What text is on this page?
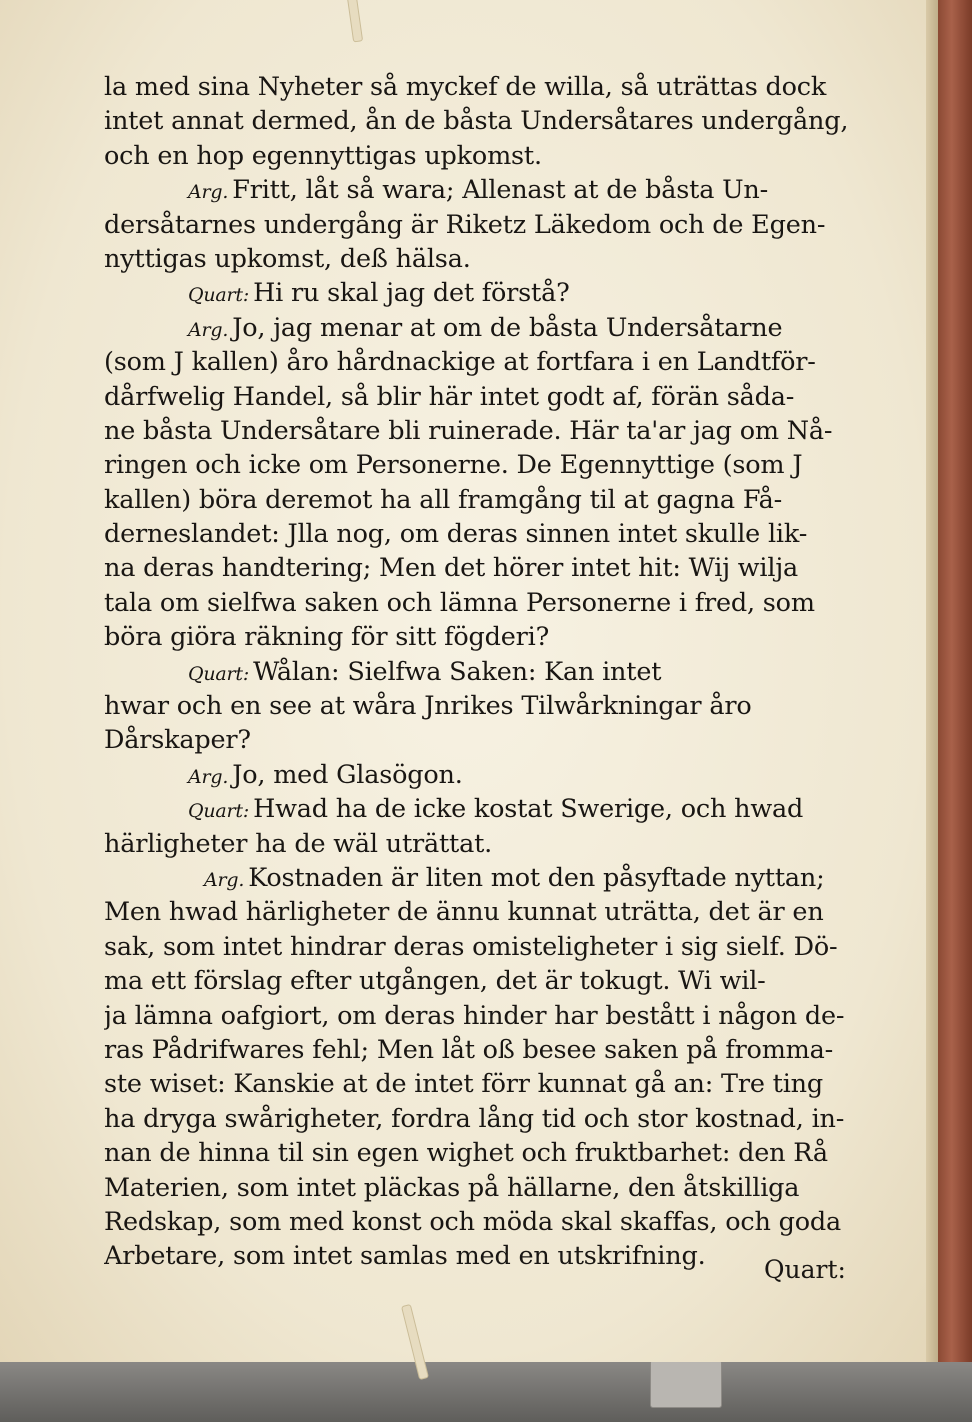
la med sina Nyheter så myckef de willa, så uträttas dock
intet annat dermed, ån de båsta Undersåtares undergång,
och en hop egennyttigas upkomst.
Arg. Fritt, låt så wara; Allenast at de båsta Un-
dersåtarnes undergång är Riketz Läkedom och de Egen-
nyttigas upkomst, deß hälsa.
Quart: Hi ru skal jag det förstå?
Arg. Jo, jag menar at om de båsta Undersåtarne
(som J kallen) åro hårdnackige at fortfara i en Landtför-
dårfwelig Handel, så blir här intet godt af, förän såda-
ne båsta Undersåtare bli ruinerade. Här ta'ar jag om Nå-
ringen och icke om Personerne. De Egennyttige (som J
kallen) böra deremot ha all framgång til at gagna Få-
derneslandet: Jlla nog, om deras sinnen intet skulle lik-
na deras handtering; Men det hörer intet hit: Wij wilja
tala om sielfwa saken och lämna Personerne i fred, som
böra giöra räkning för sitt fögderi?
Quart: Wålan: Sielfwa Saken: Kan intet
hwar och en see at wåra Jnrikes Tilwårkningar åro
Dårskaper?
Arg. Jo, med Glasögon.
Quart: Hwad ha de icke kostat Swerige, och hwad
härligheter ha de wäl uträttat.
Arg. Kostnaden är liten mot den påsyftade nyttan;
Men hwad härligheter de ännu kunnat uträtta, det är en
sak, som intet hindrar deras omisteligheter i sig sielf. Dö-
ma ett förslag efter utgången, det är tokugt. Wi wil-
ja lämna oafgiort, om deras hinder har bestått i någon de-
ras Pådrifwares fehl; Men låt oß besee saken på fromma-
ste wiset: Kanskie at de intet förr kunnat gå an: Tre ting
ha dryga swårigheter, fordra lång tid och stor kostnad, in-
nan de hinna til sin egen wighet och fruktbarhet: den Rå
Materien, som intet pläckas på hällarne, den åtskilliga
Redskap, som med konst och möda skal skaffas, och goda
Arbetare, som intet samlas med en utskrifning.	Quart:
